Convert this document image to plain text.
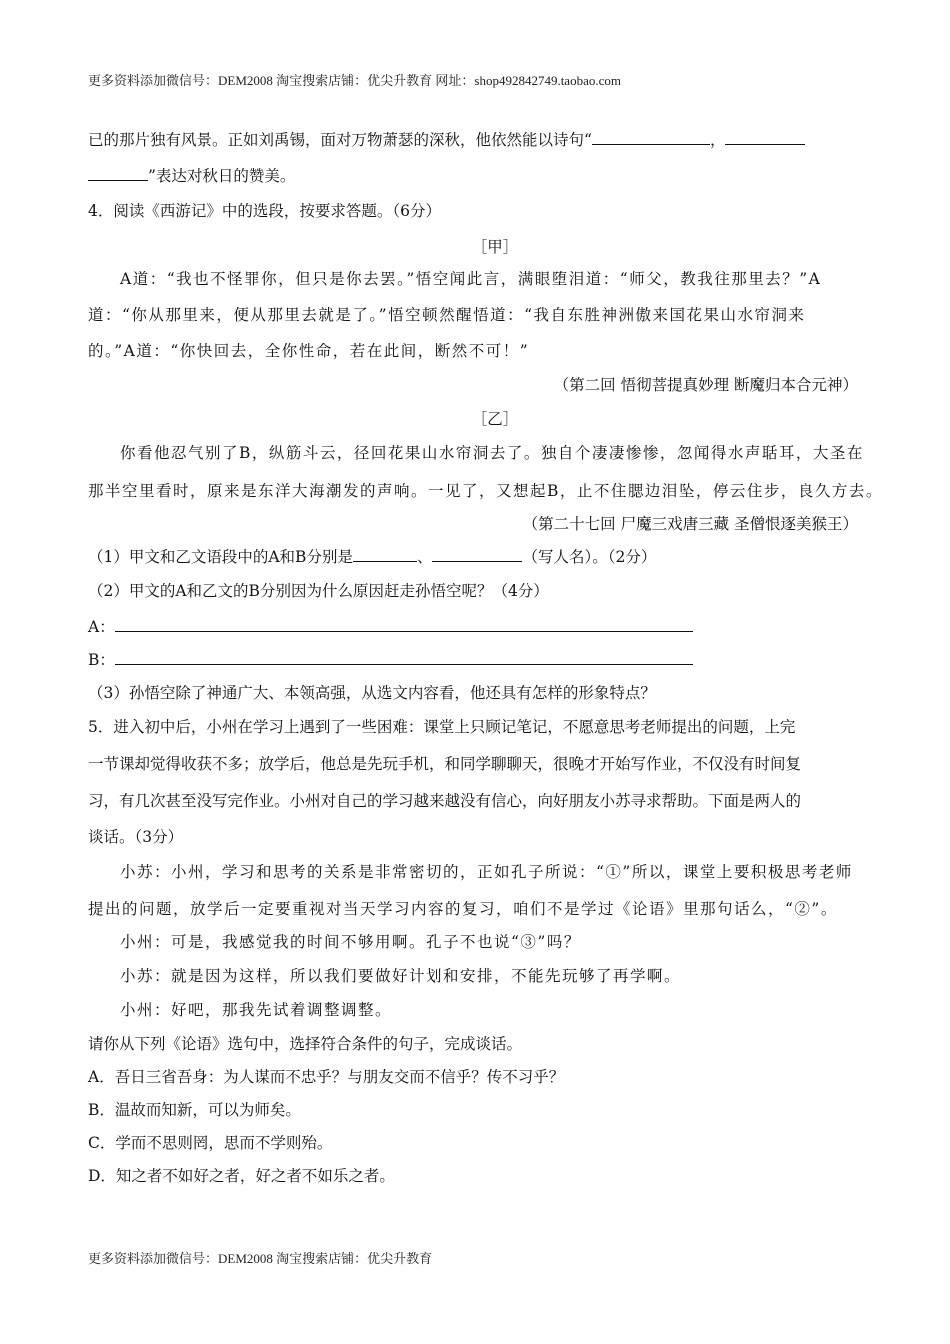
更多资料添加微信号：DEM2008 淘宝搜索店铺：优尖升教育 网址：shop492842749.taobao.com
已的那片独有风景。正如刘禹锡，面对万物萧瑟的深秋，他依然能以诗句“	，
”表达对秋日的赞美。
4．阅读《西游记》中的选段，按要求答题。（6分）
［甲］
A道：“我也不怪罪你，但只是你去罢。”悟空闻此言，满眼堕泪道：“师父，教我往那里去？”A
道：“你从那里来，便从那里去就是了。”悟空顿然醒悟道：“我自东胜神洲傲来国花果山水帘洞来
的。”A道：“你快回去，全你性命，若在此间，断然不可！”
（第二回 悟彻菩提真妙理 断魔归本合元神）
［乙］
你看他忍气别了B，纵筋斗云，径回花果山水帘洞去了。独自个凄凄惨惨，忽闻得水声聒耳，大圣在
那半空里看时，原来是东洋大海潮发的声响。一见了，又想起B，止不住腮边泪坠，停云住步，良久方去。
（第二十七回 尸魔三戏唐三藏 圣僧恨逐美猴王）
（1）甲文和乙文语段中的A和B分别是	、	（写人名）。（2分）
（2）甲文的A和乙文的B分别因为什么原因赶走孙悟空呢？（4分）
A：
B：
（3）孙悟空除了神通广大、本领高强，从选文内容看，他还具有怎样的形象特点？
5．进入初中后，小州在学习上遇到了一些困难：课堂上只顾记笔记，不愿意思考老师提出的问题，上完
一节课却觉得收获不多；放学后，他总是先玩手机，和同学聊聊天，很晚才开始写作业，不仅没有时间复
习，有几次甚至没写完作业。小州对自己的学习越来越没有信心，向好朋友小苏寻求帮助。下面是两人的
谈话。（3分）
小苏：小州，学习和思考的关系是非常密切的，正如孔子所说：“①”所以，课堂上要积极思考老师
提出的问题，放学后一定要重视对当天学习内容的复习，咱们不是学过《论语》里那句话么，“②”。
小州：可是，我感觉我的时间不够用啊。孔子不也说“③”吗？
小苏：就是因为这样，所以我们要做好计划和安排，不能先玩够了再学啊。
小州：好吧，那我先试着调整调整。
请你从下列《论语》选句中，选择符合条件的句子，完成谈话。
A．吾日三省吾身：为人谋而不忠乎？与朋友交而不信乎？传不习乎？
B．温故而知新，可以为师矣。
C．学而不思则罔，思而不学则殆。
D．知之者不如好之者，好之者不如乐之者。
更多资料添加微信号：DEM2008 淘宝搜索店铺：优尖升教育
